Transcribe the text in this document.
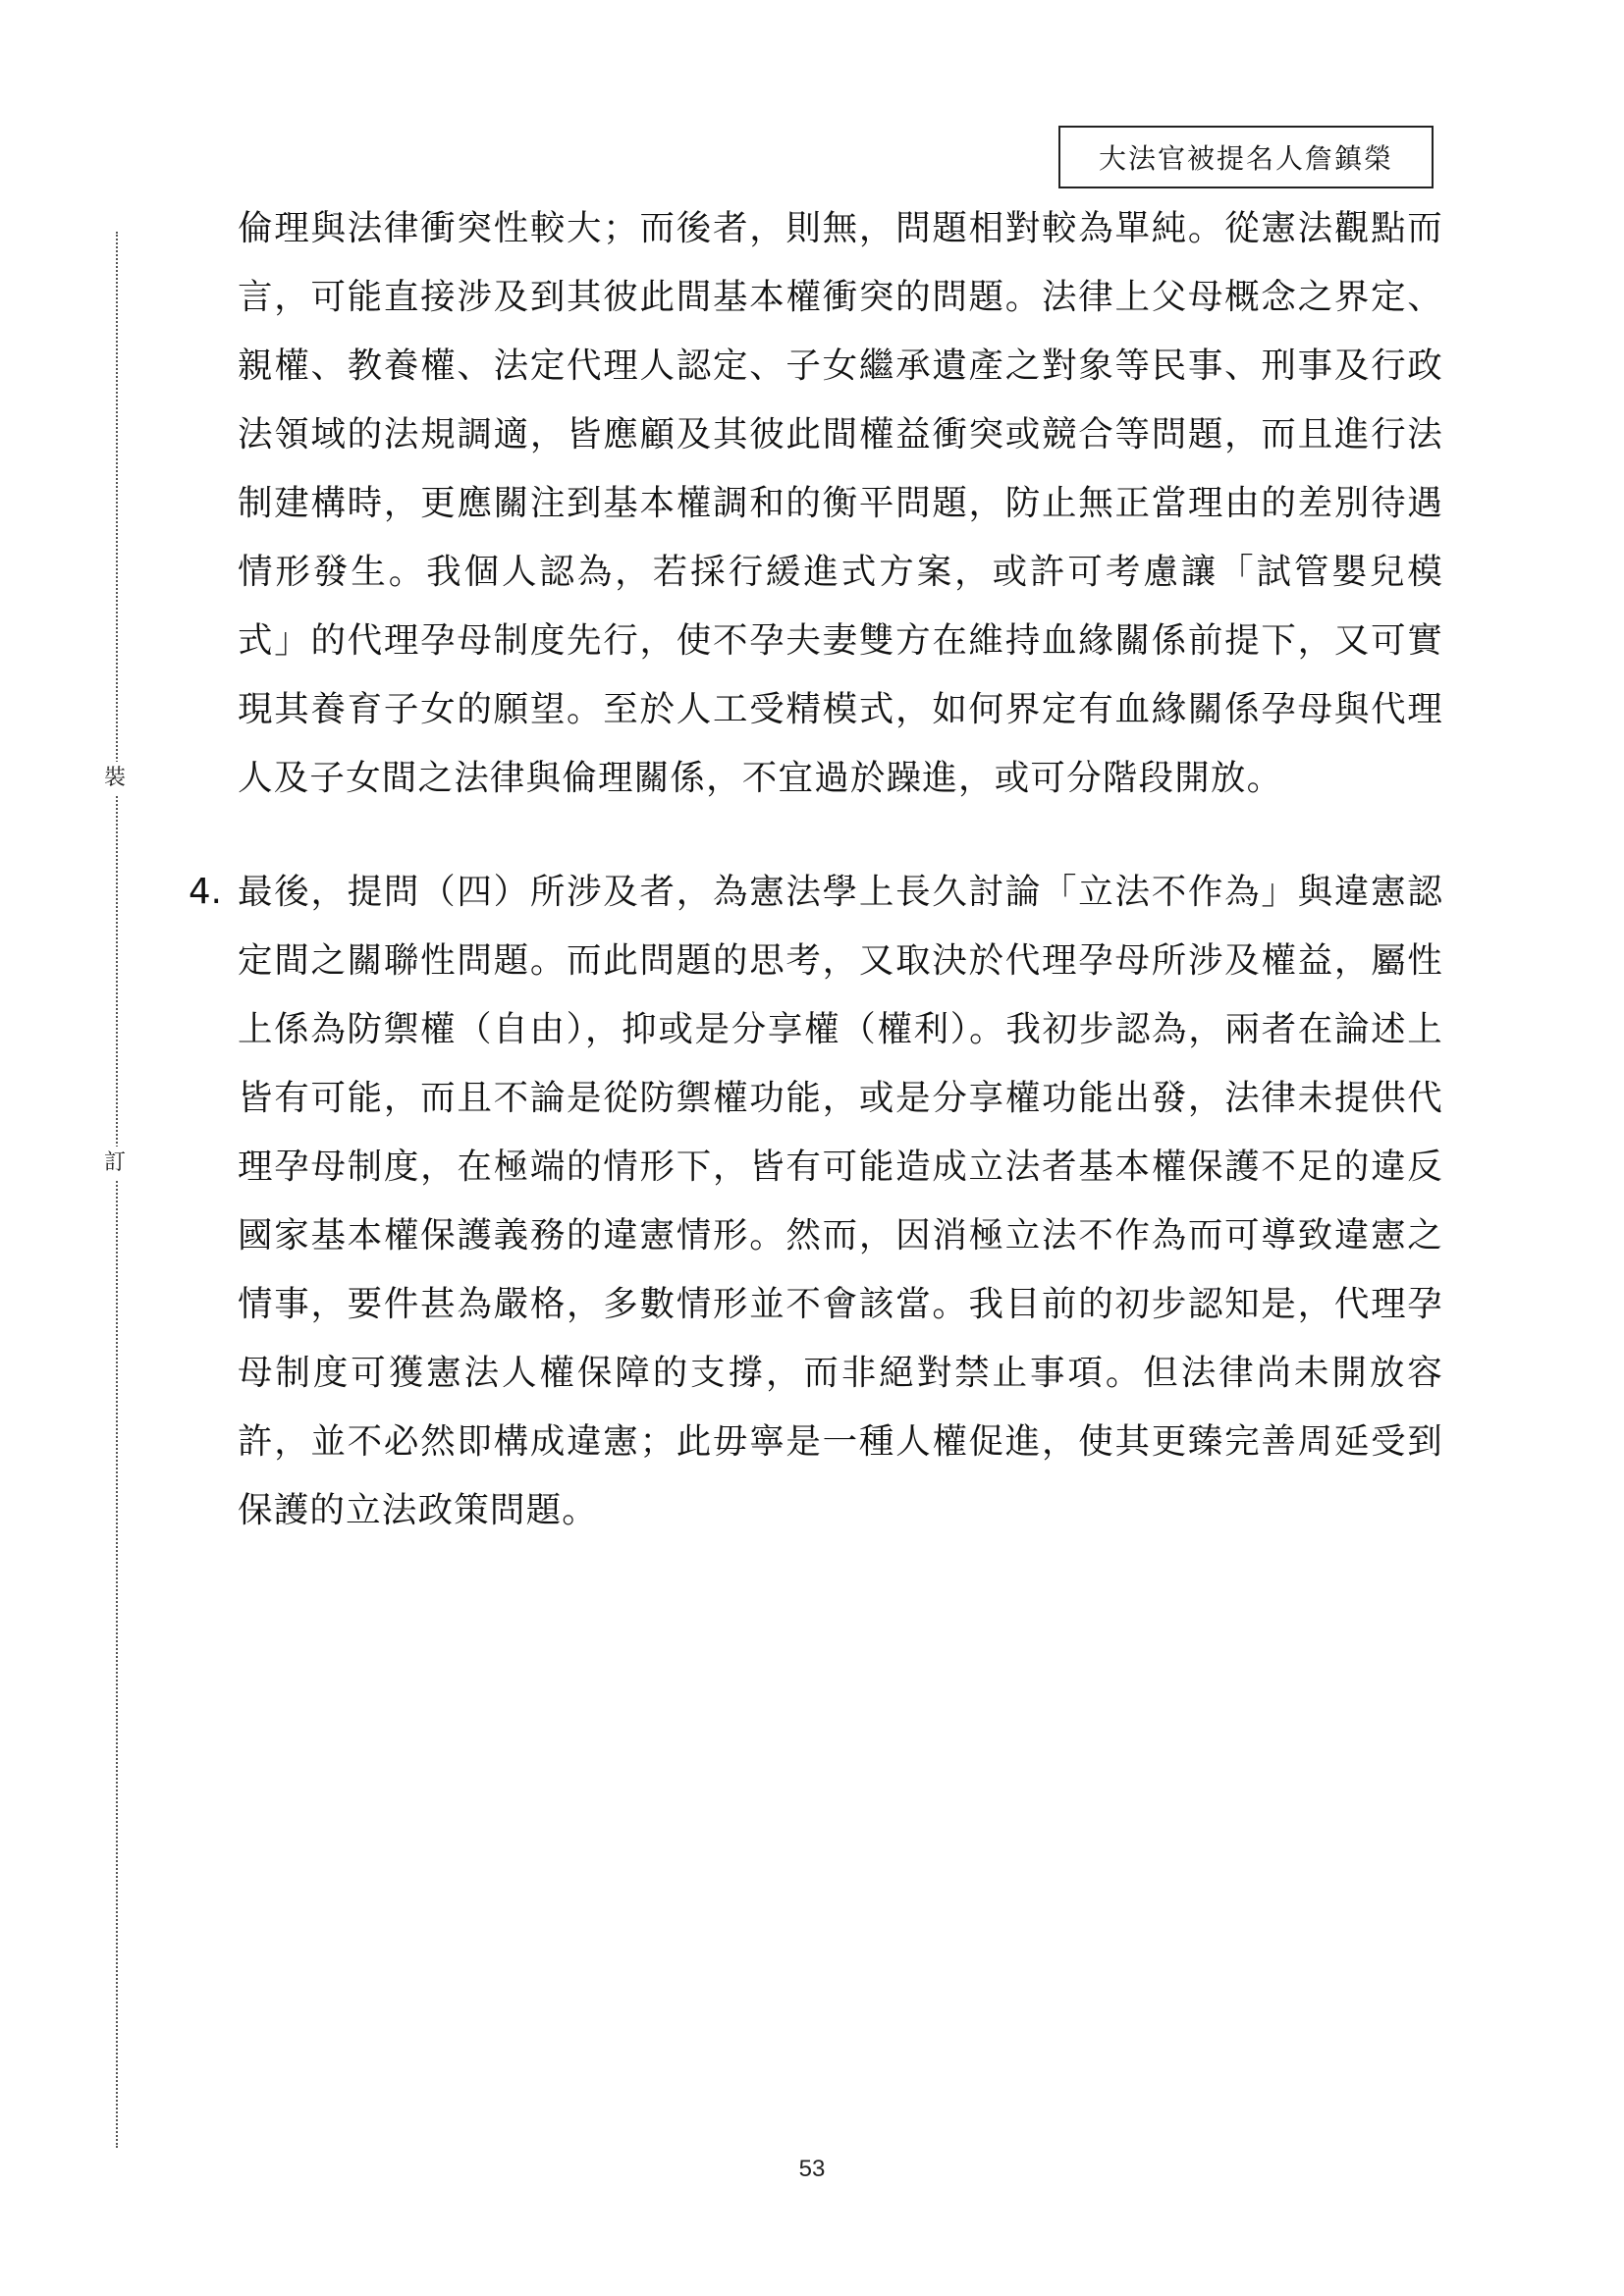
大法官被提名人詹鎮榮
裝
訂

倫理與法律衝突性較大；而後者，則無，問題相對較為單純。從憲法觀點而言，可能直接涉及到其彼此間基本權衝突的問題。法律上父母概念之界定、親權、教養權、法定代理人認定、子女繼承遺產之對象等民事、刑事及行政法領域的法規調適，皆應顧及其彼此間權益衝突或競合等問題，而且進行法制建構時，更應關注到基本權調和的衡平問題，防止無正當理由的差別待遇情形發生。我個人認為，若採行緩進式方案，或許可考慮讓「試管嬰兒模式」的代理孕母制度先行，使不孕夫妻雙方在維持血緣關係前提下，又可實現其養育子女的願望。至於人工受精模式，如何界定有血緣關係孕母與代理人及子女間之法律與倫理關係，不宜過於躁進，或可分階段開放。

4. 最後，提問（四）所涉及者，為憲法學上長久討論「立法不作為」與違憲認定間之關聯性問題。而此問題的思考，又取決於代理孕母所涉及權益，屬性上係為防禦權（自由），抑或是分享權（權利）。我初步認為，兩者在論述上皆有可能，而且不論是從防禦權功能，或是分享權功能出發，法律未提供代理孕母制度，在極端的情形下，皆有可能造成立法者基本權保護不足的違反國家基本權保護義務的違憲情形。然而，因消極立法不作為而可導致違憲之情事，要件甚為嚴格，多數情形並不會該當。我目前的初步認知是，代理孕母制度可獲憲法人權保障的支撐，而非絕對禁止事項。但法律尚未開放容許，並不必然即構成違憲；此毋寧是一種人權促進，使其更臻完善周延受到保護的立法政策問題。

53
